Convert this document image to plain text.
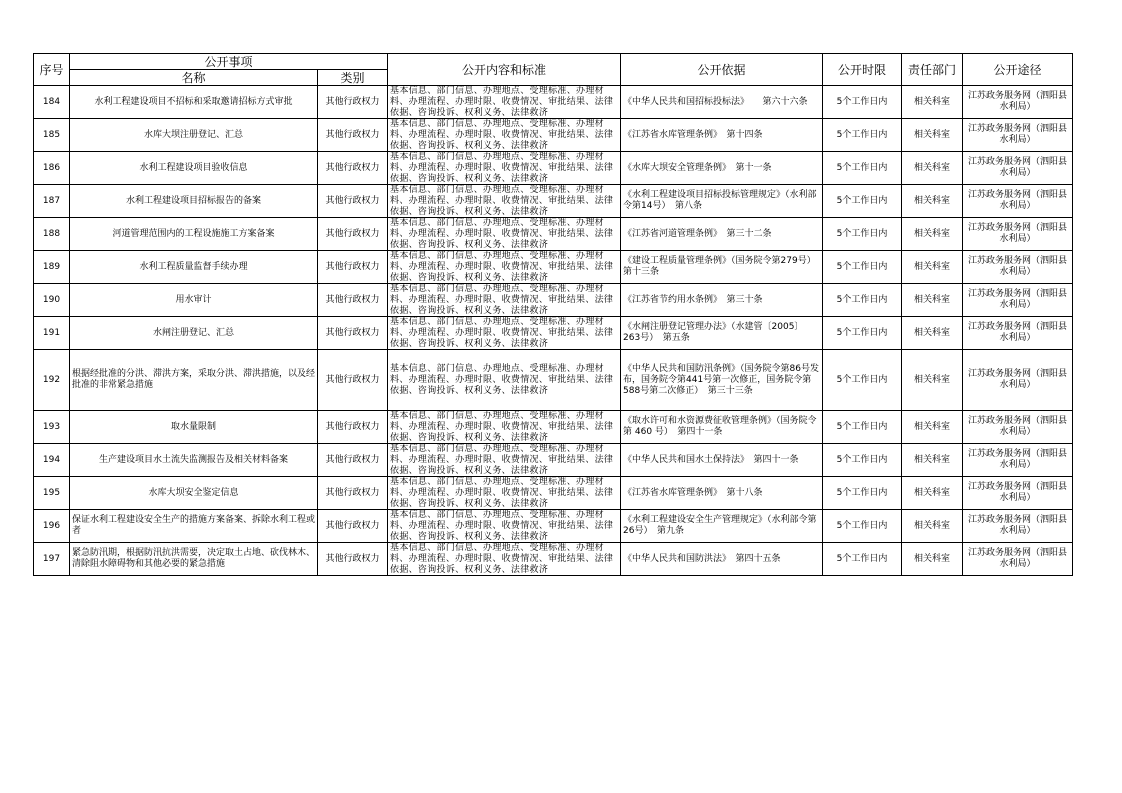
序号	公开事项		公开内容和标准	公开依据	公开时限	责任部门	公开途径
	名称	类别					
184	水利工程建设项目不招标和采取邀请招标方式审批	其他行政权力	基本信息、部门信息、办理地点、受理标准、办理材料、办理流程、办理时限、收费情况、审批结果、法律依据、咨询投诉、权利义务、法律救济	《中华人民共和国招标投标法》　　第六十六条	5个工作日内	相关科室	江苏政务服务网（泗阳县水利局）
185	水库大坝注册登记、汇总	其他行政权力	基本信息、部门信息、办理地点、受理标准、办理材料、办理流程、办理时限、收费情况、审批结果、法律依据、咨询投诉、权利义务、法律救济	《江苏省水库管理条例》　第十四条	5个工作日内	相关科室	江苏政务服务网（泗阳县水利局）
186	水利工程建设项目验收信息	其他行政权力	基本信息、部门信息、办理地点、受理标准、办理材料、办理流程、办理时限、收费情况、审批结果、法律依据、咨询投诉、权利义务、法律救济	《水库大坝安全管理条例》　第十一条	5个工作日内	相关科室	江苏政务服务网（泗阳县水利局）
187	水利工程建设项目招标报告的备案	其他行政权力	基本信息、部门信息、办理地点、受理标准、办理材料、办理流程、办理时限、收费情况、审批结果、法律依据、咨询投诉、权利义务、法律救济	《水利工程建设项目招标投标管理规定》（水利部令第14号）　第八条	5个工作日内	相关科室	江苏政务服务网（泗阳县水利局）
188	河道管理范围内的工程设施施工方案备案	其他行政权力	基本信息、部门信息、办理地点、受理标准、办理材料、办理流程、办理时限、收费情况、审批结果、法律依据、咨询投诉、权利义务、法律救济	《江苏省河道管理条例》　第三十二条	5个工作日内	相关科室	江苏政务服务网（泗阳县水利局）
189	水利工程质量监督手续办理	其他行政权力	基本信息、部门信息、办理地点、受理标准、办理材料、办理流程、办理时限、收费情况、审批结果、法律依据、咨询投诉、权利义务、法律救济	《建设工程质量管理条例》（国务院令第279号）　第十三条	5个工作日内	相关科室	江苏政务服务网（泗阳县水利局）
190	用水审计	其他行政权力	基本信息、部门信息、办理地点、受理标准、办理材料、办理流程、办理时限、收费情况、审批结果、法律依据、咨询投诉、权利义务、法律救济	《江苏省节约用水条例》　第三十条	5个工作日内	相关科室	江苏政务服务网（泗阳县水利局）
191	水闸注册登记、汇总	其他行政权力	基本信息、部门信息、办理地点、受理标准、办理材料、办理流程、办理时限、收费情况、审批结果、法律依据、咨询投诉、权利义务、法律救济	《水闸注册登记管理办法》（水建管〔2005〕263号）　第五条	5个工作日内	相关科室	江苏政务服务网（泗阳县水利局）
192	根据经批准的分洪、滞洪方案，采取分洪、滞洪措施，以及经批准的非常紧急措施	其他行政权力	基本信息、部门信息、办理地点、受理标准、办理材料、办理流程、办理时限、收费情况、审批结果、法律依据、咨询投诉、权利义务、法律救济	《中华人民共和国防汛条例》（国务院令第86号发布，国务院令第441号第一次修正，国务院令第588号第二次修正）　第三十三条	5个工作日内	相关科室	江苏政务服务网（泗阳县水利局）
193	取水量限制	其他行政权力	基本信息、部门信息、办理地点、受理标准、办理材料、办理流程、办理时限、收费情况、审批结果、法律依据、咨询投诉、权利义务、法律救济	《取水许可和水资源费征收管理条例》（国务院令第 460 号）　第四十一条	5个工作日内	相关科室	江苏政务服务网（泗阳县水利局）
194	生产建设项目水土流失监测报告及相关材料备案	其他行政权力	基本信息、部门信息、办理地点、受理标准、办理材料、办理流程、办理时限、收费情况、审批结果、法律依据、咨询投诉、权利义务、法律救济	《中华人民共和国水土保持法》　第四十一条	5个工作日内	相关科室	江苏政务服务网（泗阳县水利局）
195	水库大坝安全鉴定信息	其他行政权力	基本信息、部门信息、办理地点、受理标准、办理材料、办理流程、办理时限、收费情况、审批结果、法律依据、咨询投诉、权利义务、法律救济	《江苏省水库管理条例》　第十八条	5个工作日内	相关科室	江苏政务服务网（泗阳县水利局）
196	保证水利工程建设安全生产的措施方案备案、拆除水利工程或者	其他行政权力	基本信息、部门信息、办理地点、受理标准、办理材料、办理流程、办理时限、收费情况、审批结果、法律依据、咨询投诉、权利义务、法律救济	《水利工程建设安全生产管理规定》（水利部令第26号）　第九条	5个工作日内	相关科室	江苏政务服务网（泗阳县水利局）
197	紧急防汛期，根据防汛抗洪需要，决定取土占地、砍伐林木、清除阻水障碍物和其他必要的紧急措施	其他行政权力	基本信息、部门信息、办理地点、受理标准、办理材料、办理流程、办理时限、收费情况、审批结果、法律依据、咨询投诉、权利义务、法律救济	《中华人民共和国防洪法》　第四十五条	5个工作日内	相关科室	江苏政务服务网（泗阳县水利局）
